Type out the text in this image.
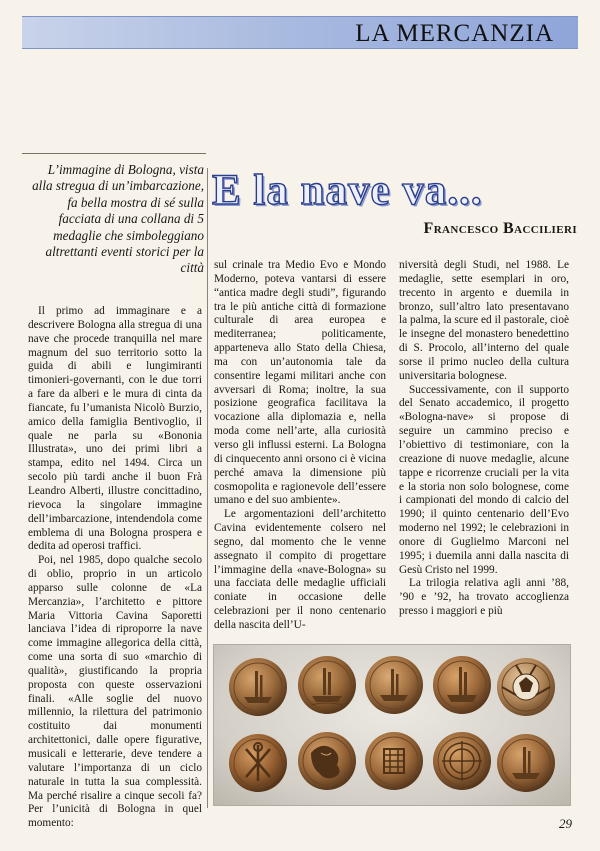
LA MERCANZIA

L’immagine di Bologna, vista alla stregua di un’imbarcazione, fa bella mostra di sé sulla facciata di una collana di 5 medaglie che simboleggiano altrettanti eventi storici per la città

E la nave va...
Francesco Baccilieri

Il primo ad immaginare e a descrivere Bologna alla stregua di una nave che procede tranquilla nel mare magnum del suo territorio sotto la guida di abili e lungimiranti timonieri-governanti, con le due torri a fare da alberi e le mura di cinta da fiancate, fu l’umanista Nicolò Burzio, amico della famiglia Bentivoglio, il quale ne parla su «Bononia Illustrata», uno dei primi libri a stampa, edito nel 1494. Circa un secolo più tardi anche il buon Frà Leandro Alberti, illustre concittadino, rievoca la singolare immagine dell’imbarcazione, intendendola come emblema di una Bologna prospera e dedita ad operosi traffici.

Poi, nel 1985, dopo qualche secolo di oblio, proprio in un articolo apparso sulle colonne de «La Mercanzia», l’architetto e pittore Maria Vittoria Cavina Saporetti lanciava l’idea di riproporre la nave come immagine allegorica della città, come una sorta di suo «marchio di qualità», giustificando la propria proposta con queste osservazioni finali. «Alle soglie del nuovo millennio, la rilettura del patrimonio costituito dai monumenti architettonici, dalle opere figurative, musicali e letterarie, deve tendere a valutare l’importanza di un ciclo naturale in tutta la sua complessità. Ma perché risalire a cinque secoli fa? Per l’unicità di Bologna in quel momento:

sul crinale tra Medio Evo e Mondo Moderno, poteva vantarsi di essere “antica madre degli studi”, figurando tra le più antiche città di formazione culturale di area europea e mediterranea; politicamente, apparteneva allo Stato della Chiesa, ma con un’autonomia tale da consentire legami militari anche con avversari di Roma; inoltre, la sua posizione geografica facilitava la vocazione alla diplomazia e, nella moda come nell’arte, alla curiosità verso gli influssi esterni. La Bologna di cinquecento anni orsono ci è vicina perché amava la dimensione più cosmopolita e ragionevole dell’essere umano e del suo ambiente».

Le argomentazioni dell’architetto Cavina evidentemente colsero nel segno, dal momento che le venne assegnato il compito di progettare l’immagine della «nave-Bologna» su una facciata delle medaglie ufficiali coniate in occasione delle celebrazioni per il nono centenario della nascita dell’U-

niversità degli Studi, nel 1988. Le medaglie, sette esemplari in oro, trecento in argento e duemila in bronzo, sull’altro lato presentavano la palma, la scure ed il pastorale, cioè le insegne del monastero benedettino di S. Procolo, all’interno del quale sorse il primo nucleo della cultura universitaria bolognese.

Successivamente, con il supporto del Senato accademico, il progetto «Bologna-nave» si propose di seguire un cammino preciso e l’obiettivo di testimoniare, con la creazione di nuove medaglie, alcune tappe e ricorrenze cruciali per la vita e la storia non solo bolognese, come i campionati del mondo di calcio del 1990; il quinto centenario dell’Evo moderno nel 1992; le celebrazioni in onore di Guglielmo Marconi nel 1995; i duemila anni dalla nascita di Gesù Cristo nel 1999.

La trilogia relativa agli anni ’88, ’90 e ’92, ha trovato accoglienza presso i maggiori e più

29
